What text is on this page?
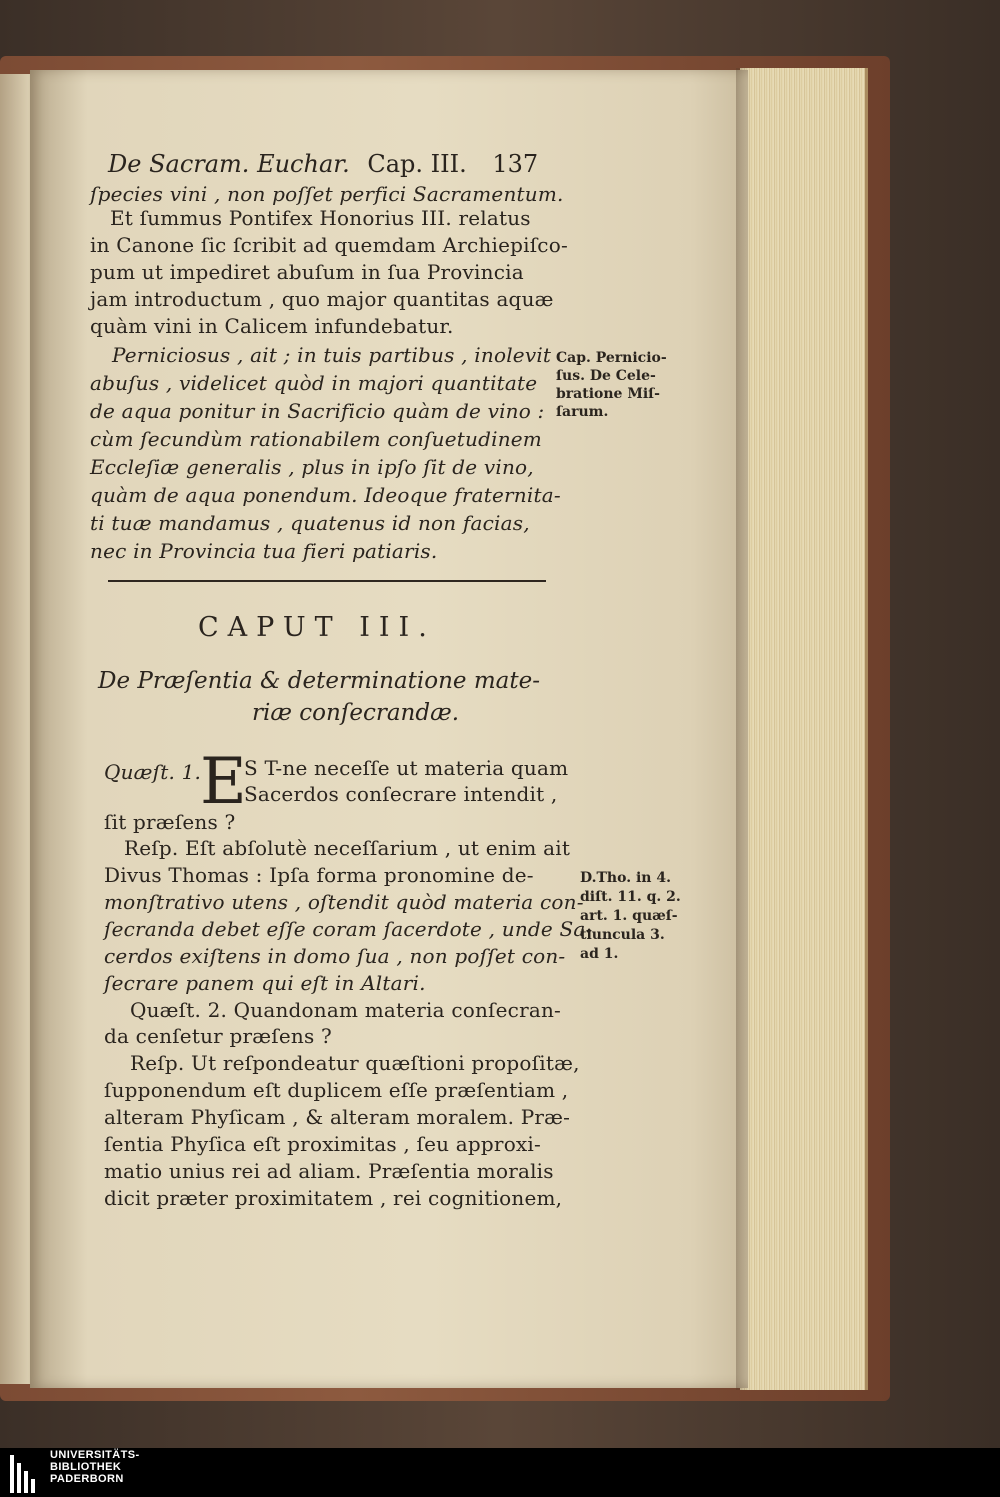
De Sacram. Euchar. Cap. III. 137
ſpecies vini , non poſſet perfici Sacramentum.
Et ſummus Pontifex Honorius III. relatus
in Canone ſic ſcribit ad quemdam Archiepiſco-
pum ut impediret abuſum in ſua Provincia
jam introductum , quo major quantitas aquæ
quàm vini in Calicem infundebatur.
Perniciosus , ait ; in tuis partibus , inolevit
abuſus , videlicet quòd in majori quantitate
de aqua ponitur in Sacrificio quàm de vino :
cùm ſecundùm rationabilem conſuetudinem
Eccleſiæ generalis , plus in ipſo ſit de vino,
quàm de aqua ponendum. Ideoque fraternita-
ti tuæ mandamus , quatenus id non facias,
nec in Provincia tua fieri patiaris.
Cap. Pernicio-
ſus. De Cele-
bratione Miſ-
ſarum.
CAPUT III.
De Præſentia & determinatione mate-
riæ conſecrandæ.
Quæſt. 1.
E
S T-ne neceſſe ut materia quam
Sacerdos conſecrare intendit ,
ſit præſens ?
Reſp. Eſt abſolutè neceſſarium , ut enim ait
Divus Thomas : Ipſa forma pronomine de-
monſtrativo utens , oſtendit quòd materia con-
ſecranda debet eſſe coram ſacerdote , unde Sa-
cerdos exiſtens in domo ſua , non poſſet con-
ſecrare panem qui eſt in Altari.
D.Tho. in 4.
diſt. 11. q. 2.
art. 1. quæſ-
tiuncula 3.
ad 1.
Quæſt. 2. Quandonam materia conſecran-
da cenſetur præſens ?
Reſp. Ut reſpondeatur quæſtioni propoſitæ,
ſupponendum eſt duplicem eſſe præſentiam ,
alteram Phyſicam , & alteram moralem. Præ-
ſentia Phyſica eſt proximitas , ſeu approxi-
matio unius rei ad aliam. Præſentia moralis
dicit præter proximitatem , rei cognitionem,
UNIVERSITÄTS-
BIBLIOTHEK
PADERBORN
